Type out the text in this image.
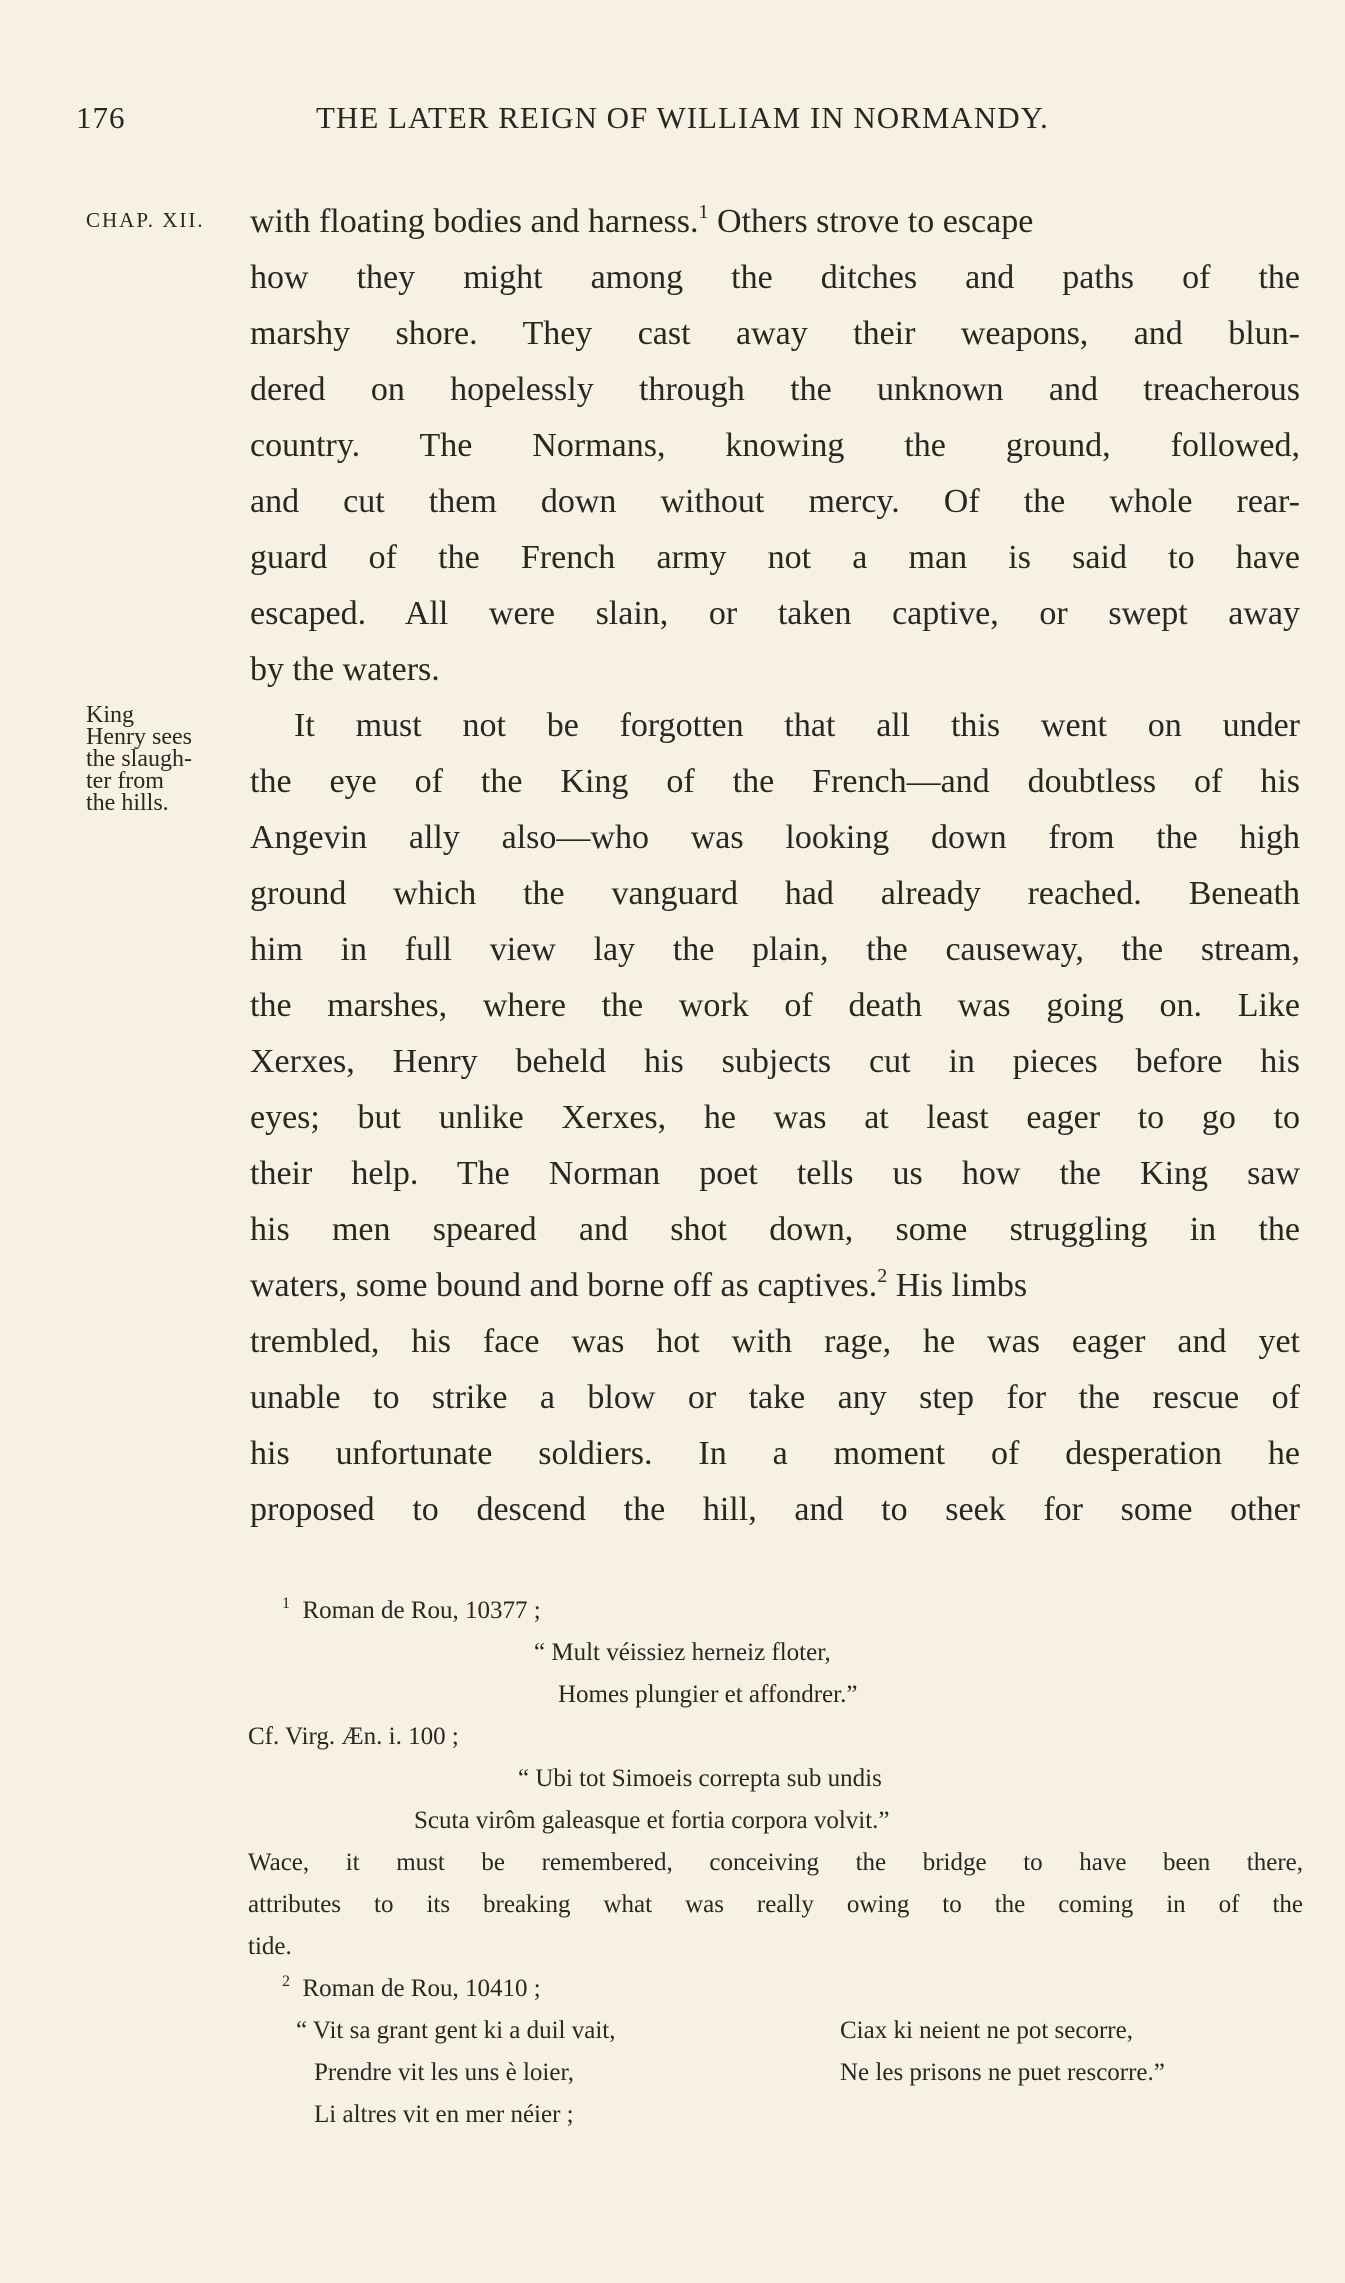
176	THE LATER REIGN OF WILLIAM IN NORMANDY.
CHAP. XII.
King
Henry sees
the slaugh-
ter from
the hills.
with floating bodies and harness.$^1$ Others strove to escape
how they might among the ditches and paths of the
marshy shore. They cast away their weapons, and blun-
dered on hopelessly through the unknown and treacherous
country. The Normans, knowing the ground, followed,
and cut them down without mercy. Of the whole rear-
guard of the French army not a man is said to have
escaped. All were slain, or taken captive, or swept away
by the waters.
It must not be forgotten that all this went on under
the eye of the King of the French—and doubtless of his
Angevin ally also—who was looking down from the high
ground which the vanguard had already reached. Beneath
him in full view lay the plain, the causeway, the stream,
the marshes, where the work of death was going on. Like
Xerxes, Henry beheld his subjects cut in pieces before his
eyes; but unlike Xerxes, he was at least eager to go to
their help. The Norman poet tells us how the King saw
his men speared and shot down, some struggling in the
waters, some bound and borne off as captives.$^2$ His limbs
trembled, his face was hot with rage, he was eager and yet
unable to strike a blow or take any step for the rescue of
his unfortunate soldiers. In a moment of desperation he
proposed to descend the hill, and to seek for some other
$^1$ Roman de Rou, 10377 ;
“ Mult véissiez herneiz floter,
Homes plungier et affondrer.”
Cf. Virg. Æn. i. 100 ;
“ Ubi tot Simoeis correpta sub undis
Scuta virôm galeasque et fortia corpora volvit.”
Wace, it must be remembered, conceiving the bridge to have been there,
attributes to its breaking what was really owing to the coming in of the
tide.
$^2$ Roman de Rou, 10410 ;
“ Vit sa grant gent ki a duil vait,
Prendre vit les uns è loier,
Li altres vit en mer néier ;
Ciax ki neient ne pot secorre,
Ne les prisons ne puet rescorre.”
